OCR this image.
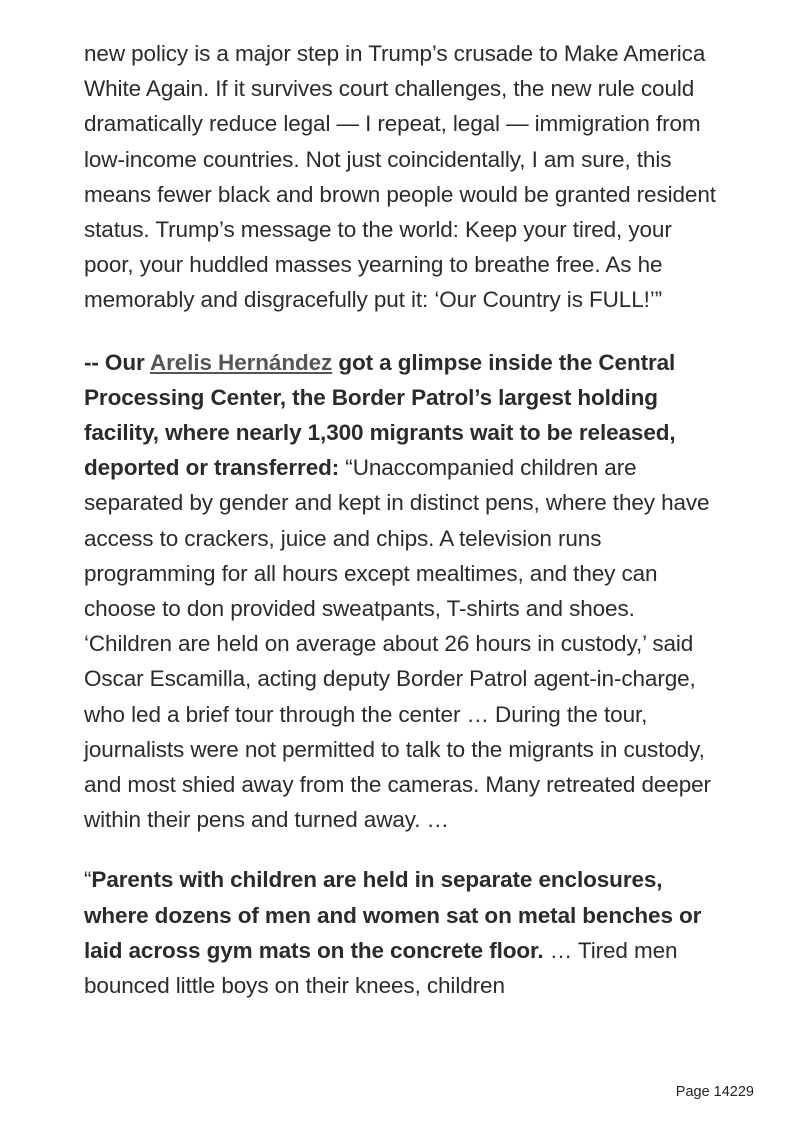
new policy is a major step in Trump’s crusade to Make America White Again. If it survives court challenges, the new rule could dramatically reduce legal — I repeat, legal — immigration from low-income countries. Not just coincidentally, I am sure, this means fewer black and brown people would be granted resident status. Trump’s message to the world: Keep your tired, your poor, your huddled masses yearning to breathe free. As he memorably and disgracefully put it: ‘Our Country is FULL!’”

-- Our Arelis Hernández got a glimpse inside the Central Processing Center, the Border Patrol’s largest holding facility, where nearly 1,300 migrants wait to be released, deported or transferred: “Unaccompanied children are separated by gender and kept in distinct pens, where they have access to crackers, juice and chips. A television runs programming for all hours except mealtimes, and they can choose to don provided sweatpants, T-shirts and shoes. ‘Children are held on average about 26 hours in custody,’ said Oscar Escamilla, acting deputy Border Patrol agent-in-charge, who led a brief tour through the center … During the tour, journalists were not permitted to talk to the migrants in custody, and most shied away from the cameras. Many retreated deeper within their pens and turned away. …

“Parents with children are held in separate enclosures, where dozens of men and women sat on metal benches or laid across gym mats on the concrete floor. … Tired men bounced little boys on their knees, children

Page 14229
